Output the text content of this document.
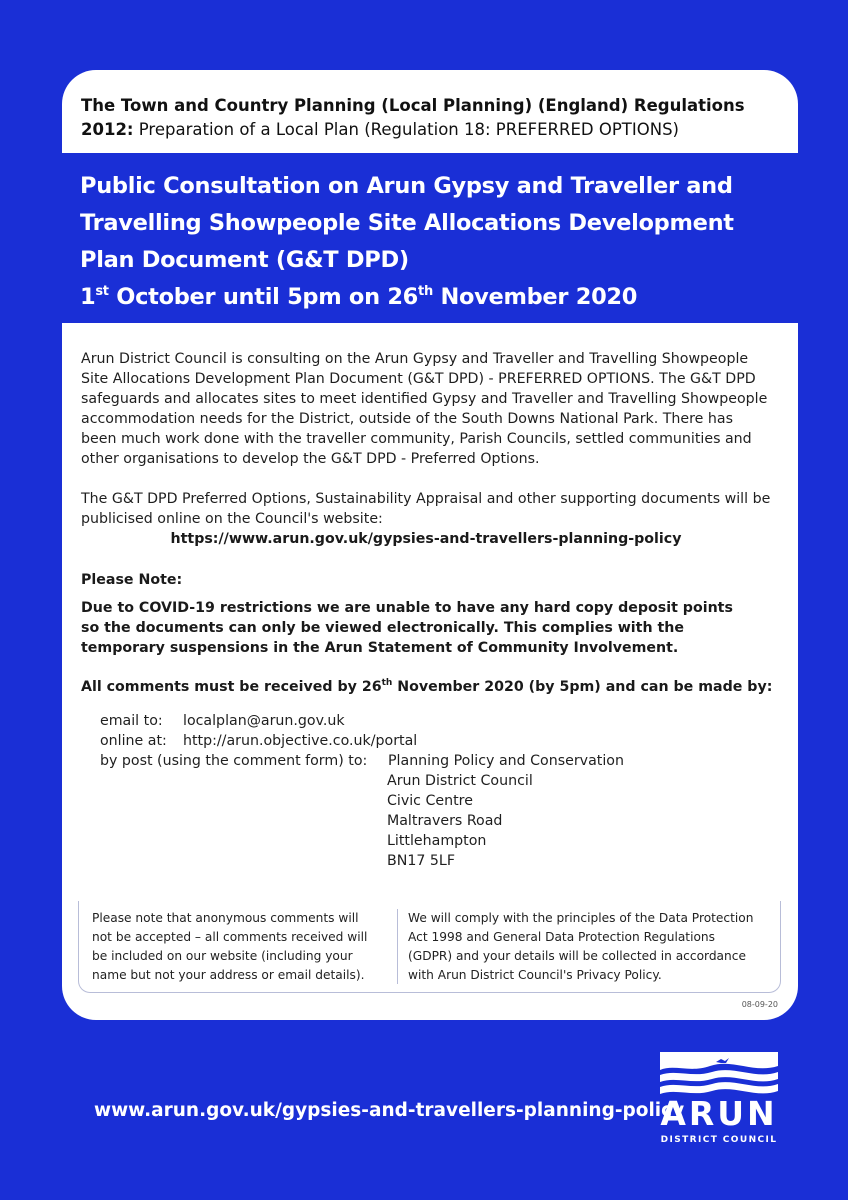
The Town and Country Planning (Local Planning) (England) Regulations
2012: Preparation of a Local Plan (Regulation 18: PREFERRED OPTIONS)
Public Consultation on Arun Gypsy and Traveller and
Travelling Showpeople Site Allocations Development
Plan Document (G&T DPD)
1st October until 5pm on 26th November 2020

Arun District Council is consulting on the Arun Gypsy and Traveller and Travelling Showpeople Site Allocations Development Plan Document (G&T DPD) - PREFERRED OPTIONS. The G&T DPD safeguards and allocates sites to meet identified Gypsy and Traveller and Travelling Showpeople accommodation needs for the District, outside of the South Downs National Park. There has been much work done with the traveller community, Parish Councils, settled communities and other organisations to develop the G&T DPD - Preferred Options.

The G&T DPD Preferred Options, Sustainability Appraisal and other supporting documents will be publicised online on the Council's website:

https://www.arun.gov.uk/gypsies-and-travellers-planning-policy
Please Note:
Due to COVID-19 restrictions we are unable to have any hard copy deposit points so the documents can only be viewed electronically. This complies with the temporary suspensions in the Arun Statement of Community Involvement.
All comments must be received by 26th November 2020 (by 5pm) and can be made by:
email to:	localplan@arun.gov.uk
online at:	http://arun.objective.co.uk/portal
by post (using the comment form) to:	Planning Policy and Conservation
Arun District Council
Civic Centre
Maltravers Road
Littlehampton
BN17 5LF
Please note that anonymous comments will
not be accepted – all comments received will
be included on our website (including your
name but not your address or email details).
We will comply with the principles of the Data Protection
Act 1998 and General Data Protection Regulations
(GDPR) and your details will be collected in accordance
with Arun District Council's Privacy Policy.
08-09-20
www.arun.gov.uk/gypsies-and-travellers-planning-policy
ARUN
DISTRICT COUNCIL
